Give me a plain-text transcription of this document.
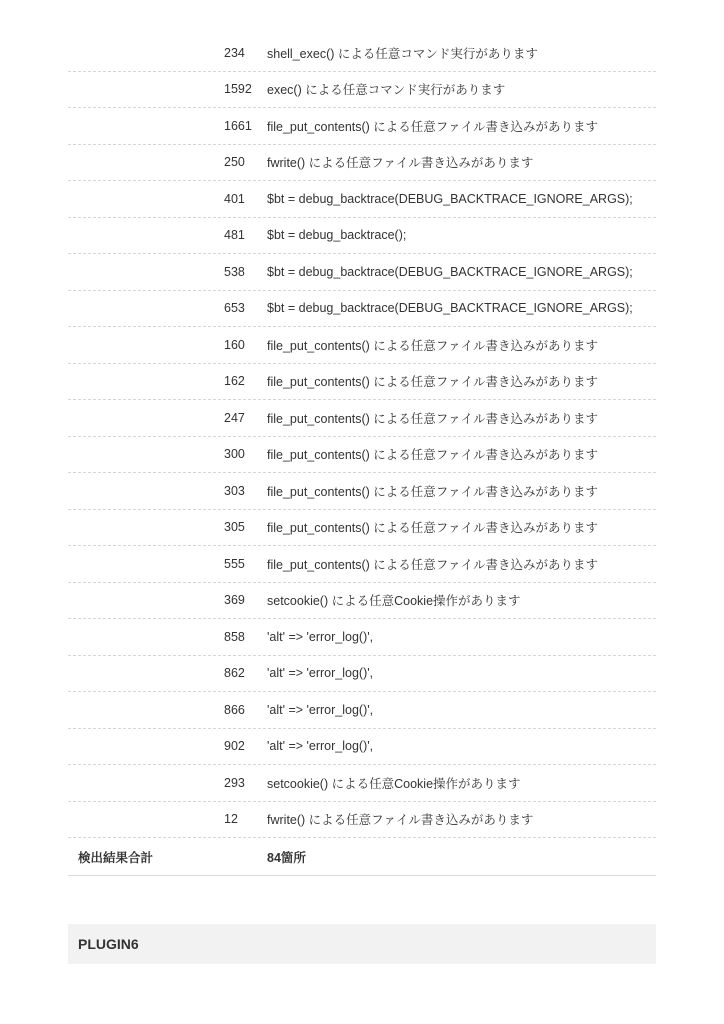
234	shell_exec() による任意コマンド実行があります
1592	exec() による任意コマンド実行があります
1661	file_put_contents() による任意ファイル書き込みがあります
250	fwrite() による任意ファイル書き込みがあります
401	$bt = debug_backtrace(DEBUG_BACKTRACE_IGNORE_ARGS);
481	$bt = debug_backtrace();
538	$bt = debug_backtrace(DEBUG_BACKTRACE_IGNORE_ARGS);
653	$bt = debug_backtrace(DEBUG_BACKTRACE_IGNORE_ARGS);
160	file_put_contents() による任意ファイル書き込みがあります
162	file_put_contents() による任意ファイル書き込みがあります
247	file_put_contents() による任意ファイル書き込みがあります
300	file_put_contents() による任意ファイル書き込みがあります
303	file_put_contents() による任意ファイル書き込みがあります
305	file_put_contents() による任意ファイル書き込みがあります
555	file_put_contents() による任意ファイル書き込みがあります
369	setcookie() による任意Cookie操作があります
858	'alt' => 'error_log()',
862	'alt' => 'error_log()',
866	'alt' => 'error_log()',
902	'alt' => 'error_log()',
293	setcookie() による任意Cookie操作があります
12	fwrite() による任意ファイル書き込みがあります
検出結果合計	84箇所
PLUGIN6
